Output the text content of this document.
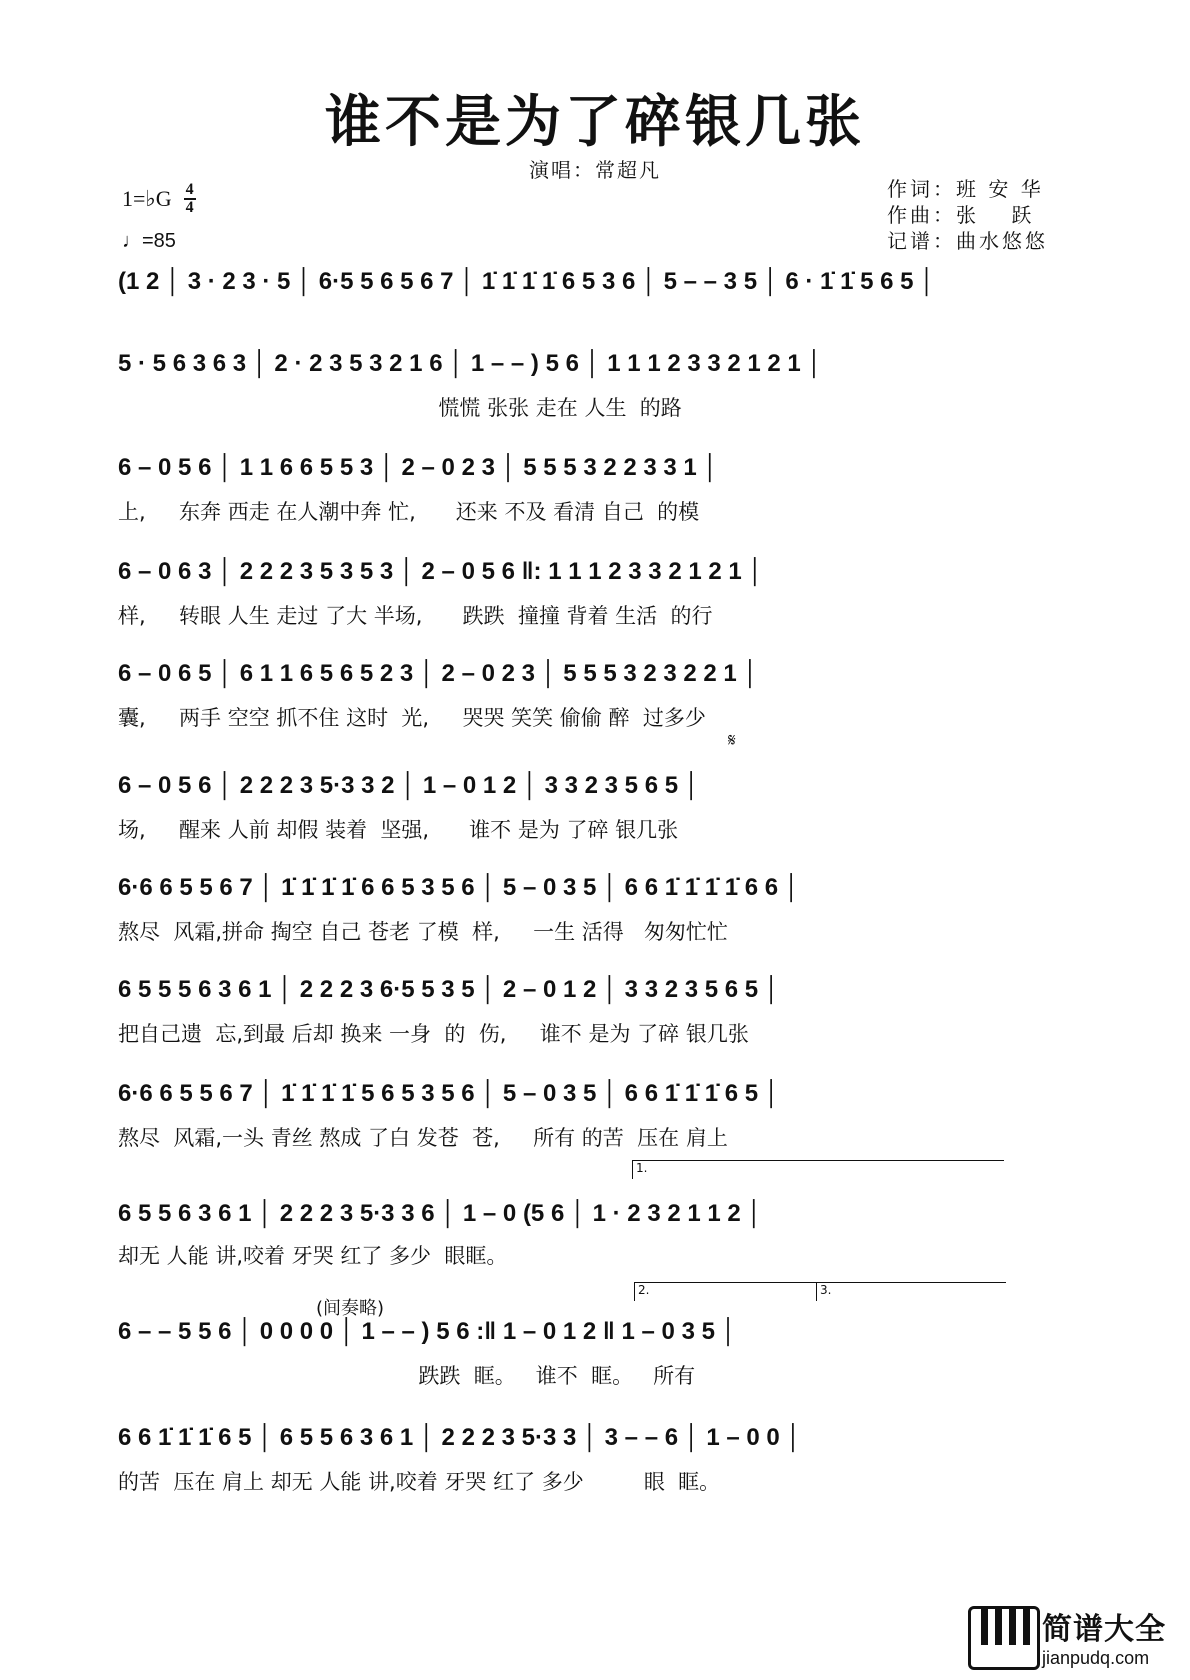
谁不是为了碎银几张
演唱：常超凡
1=♭G $\frac{4}{4}$
♩=85
作词：班 安 华
作曲：张　 跃
记谱：曲水悠悠
(1 2 │ 3 · 2 3 · 5 │ 6·5 5 6 5 6 7 │ 1̇ 1̇ 1̇ 1̇ 6 5 3 6 │ 5 – – 3 5 │ 6 · 1̇ 1̇ 5 6 5 │
5 · 5 6 3 6 3 │ 2 · 2 3 5 3 2 1 6 │ 1 – – ) 5 6 │ 1 1 1 2 3 3 2 1 2 1 │
慌慌 张张 走在 人生  的路
6 – 0 5 6 │ 1 1 6 6 5 5 3 │ 2 – 0 2 3 │ 5 5 5 3 2 2 3 3 1 │
上,     东奔 西走 在人潮中奔 忙,      还来 不及 看清 自己  的模
6 – 0 6 3 │ 2 2 2 3 5 3 5 3 │ 2 – 0 5 6 ‖: 1 1 1 2 3 3 2 1 2 1 │
样,     转眼 人生 走过 了大 半场,      跌跌  撞撞 背着 生活  的行
6 – 0 6 5 │ 6 1 1 6 5 6 5 2 3 │ 2 – 0 2 3 │ 5 5 5 3 2 3 2 2 1 │
囊,     两手 空空 抓不住 这时  光,     哭哭 笑笑 偷偷 醉  过多少
𝄋
6 – 0 5 6 │ 2 2 2 3 5·3 3 2 │ 1 – 0 1 2 │ 3 3 2 3 5 6 5 │
场,     醒来 人前 却假 装着  坚强,      谁不 是为 了碎 银几张
6·6 6 5 5 6 7 │ 1̇ 1̇ 1̇ 1̇ 6 6 5 3 5 6 │ 5 – 0 3 5 │ 6 6 1̇ 1̇ 1̇ 1̇ 6 6 │
熬尽  风霜,拼命 掏空 自己 苍老 了模  样,     一生 活得   匆匆忙忙
6 5 5 5 6 3 6 1 │ 2 2 2 3 6·5 5 3 5 │ 2 – 0 1 2 │ 3 3 2 3 5 6 5 │
把自己遗  忘,到最 后却 换来 一身  的  伤,     谁不 是为 了碎 银几张
6·6 6 5 5 6 7 │ 1̇ 1̇ 1̇ 1̇ 5 6 5 3 5 6 │ 5 – 0 3 5 │ 6 6 1̇ 1̇ 1̇ 6 5 │
熬尽  风霜,一头 青丝 熬成 了白 发苍  苍,     所有 的苦  压在 肩上
1.
6 5 5 6 3 6 1 │ 2 2 2 3 5·3 3 6 │ 1 – 0 (5 6 │ 1 · 2 3 2 1 1 2 │
却无 人能 讲,咬着 牙哭 红了 多少  眼眶。
(间奏略)
2.	3.
6 – – 5 5 6 │ 0 0 0 0 │ 1 – – ) 5 6 :‖ 1 – 0 1 2 ‖ 1 – 0 3 5 │
跌跌  眶。   谁不  眶。   所有
6 6 1̇ 1̇ 1̇ 6 5 │ 6 5 5 6 3 6 1 │ 2 2 2 3 5·3 3 │ 3 – – 6 │ 1 – 0 0 │
的苦  压在 肩上 却无 人能 讲,咬着 牙哭 红了 多少         眼  眶。
简谱大全
jianpudq.com
